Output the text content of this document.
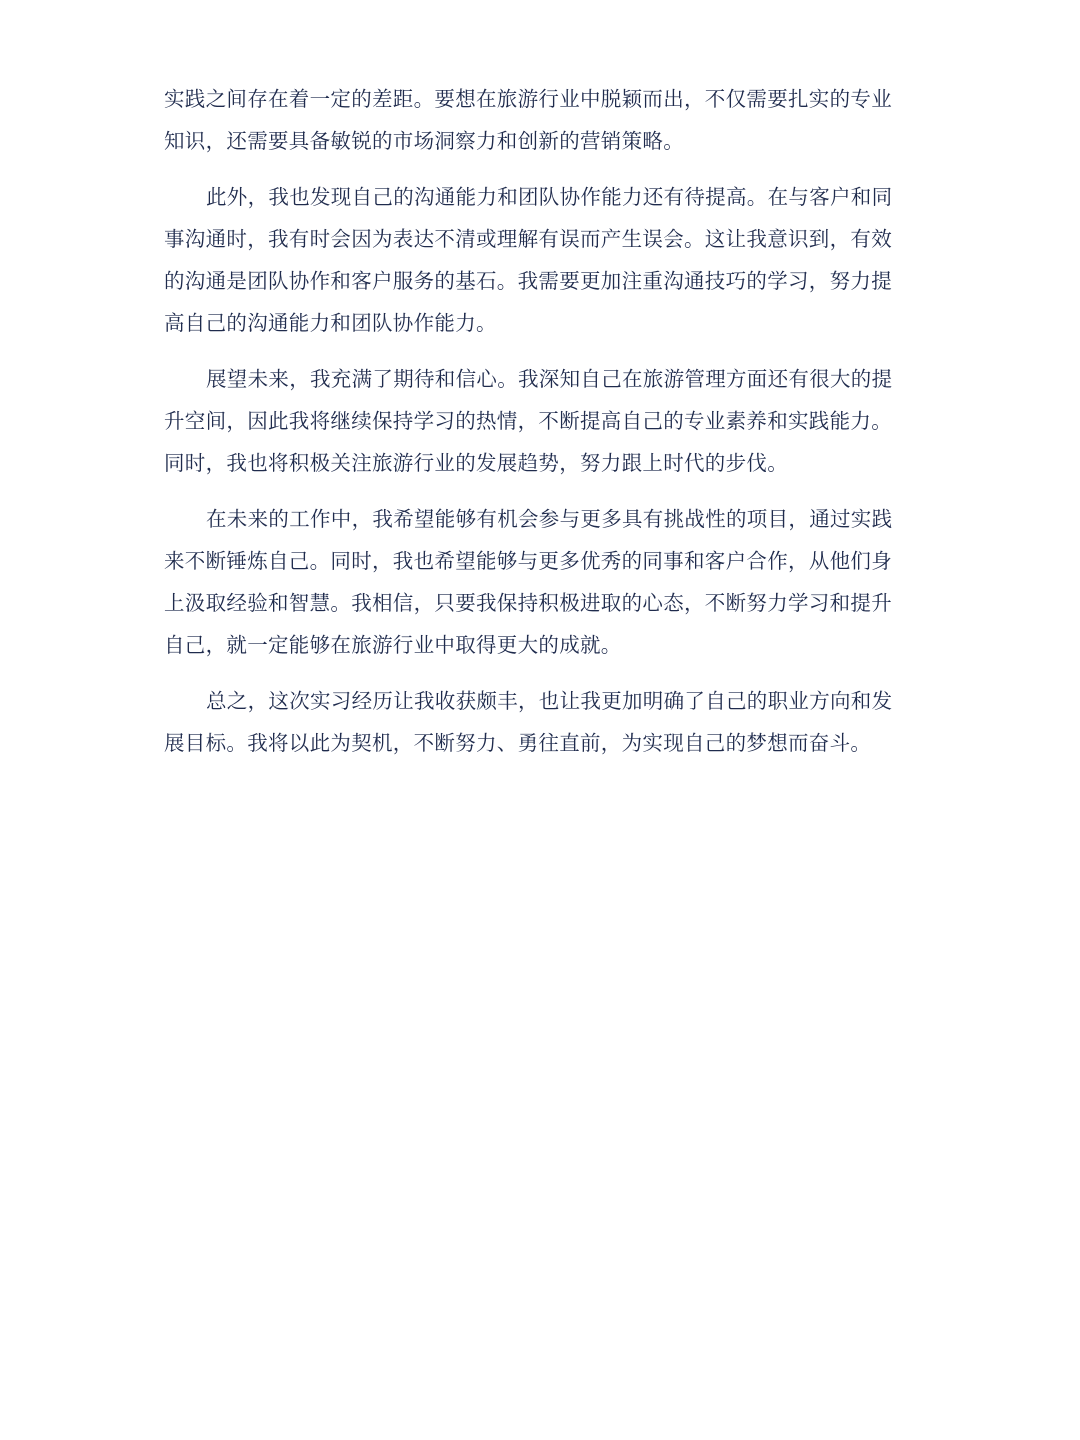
实践之间存在着一定的差距。要想在旅游行业中脱颖而出，不仅需要扎实的专业
知识，还需要具备敏锐的市场洞察力和创新的营销策略。

此外，我也发现自己的沟通能力和团队协作能力还有待提高。在与客户和同
事沟通时，我有时会因为表达不清或理解有误而产生误会。这让我意识到，有效
的沟通是团队协作和客户服务的基石。我需要更加注重沟通技巧的学习，努力提
高自己的沟通能力和团队协作能力。

展望未来，我充满了期待和信心。我深知自己在旅游管理方面还有很大的提
升空间，因此我将继续保持学习的热情，不断提高自己的专业素养和实践能力。
同时，我也将积极关注旅游行业的发展趋势，努力跟上时代的步伐。

在未来的工作中，我希望能够有机会参与更多具有挑战性的项目，通过实践
来不断锤炼自己。同时，我也希望能够与更多优秀的同事和客户合作，从他们身
上汲取经验和智慧。我相信，只要我保持积极进取的心态，不断努力学习和提升
自己，就一定能够在旅游行业中取得更大的成就。

总之，这次实习经历让我收获颇丰，也让我更加明确了自己的职业方向和发
展目标。我将以此为契机，不断努力、勇往直前，为实现自己的梦想而奋斗。
